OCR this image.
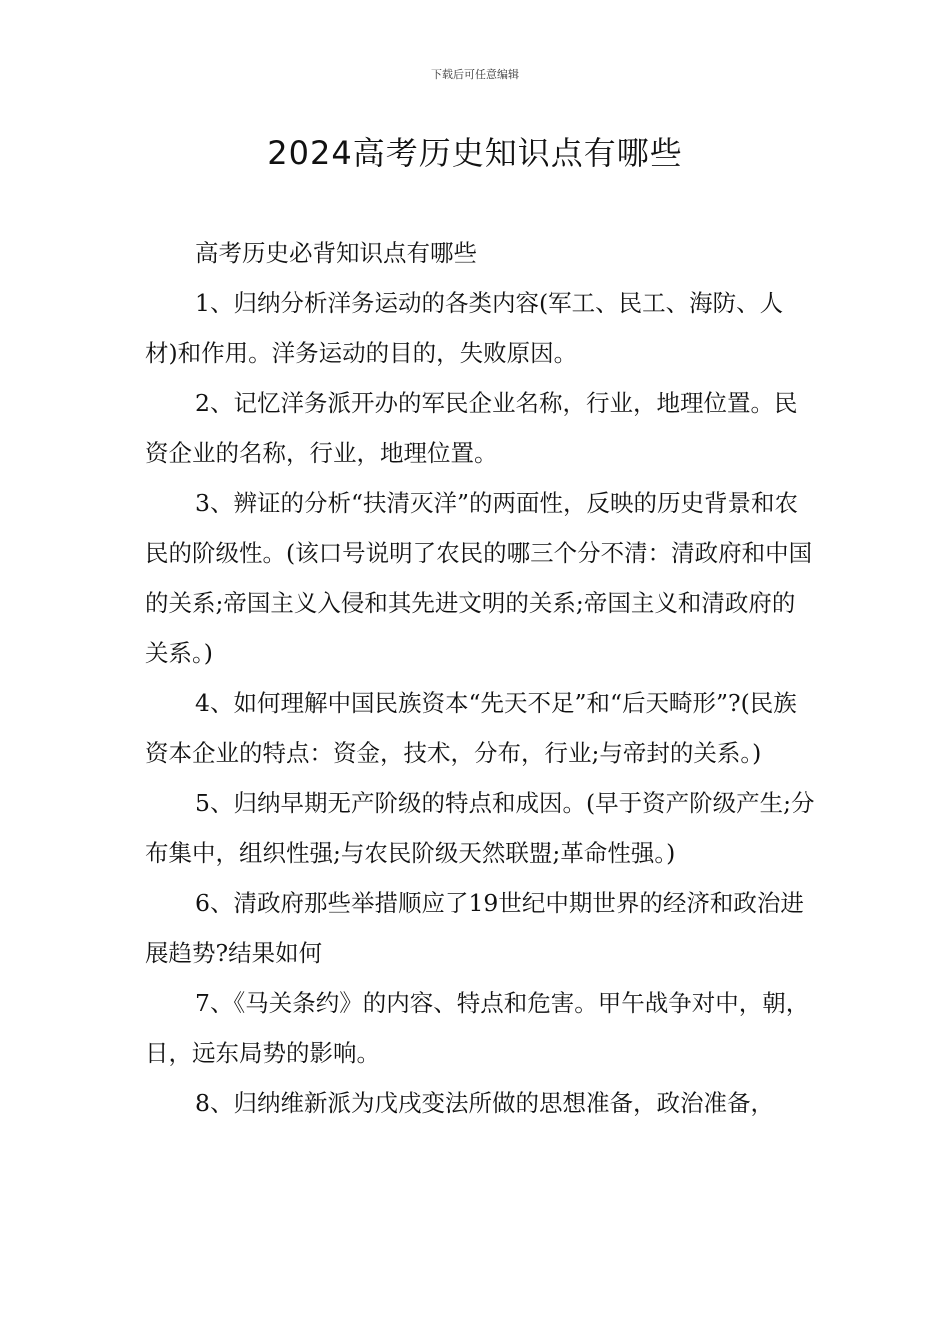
下载后可任意编辑
2024高考历史知识点有哪些

高考历史必背知识点有哪些

1、归纳分析洋务运动的各类内容(军工、民工、海防、人材)和作用。洋务运动的目的，失败原因。

2、记忆洋务派开办的军民企业名称，行业，地理位置。民资企业的名称，行业，地理位置。

3、辨证的分析“扶清灭洋”的两面性，反映的历史背景和农民的阶级性。(该口号说明了农民的哪三个分不清：清政府和中国的关系;帝国主义入侵和其先进文明的关系;帝国主义和清政府的关系。)

4、如何理解中国民族资本“先天不足”和“后天畸形”?(民族资本企业的特点：资金，技术，分布，行业;与帝封的关系。)

5、归纳早期无产阶级的特点和成因。(早于资产阶级产生;分布集中，组织性强;与农民阶级天然联盟;革命性强。)

6、清政府那些举措顺应了19世纪中期世界的经济和政治进展趋势?结果如何

7、《马关条约》的内容、特点和危害。甲午战争对中，朝，日，远东局势的影响。

8、归纳维新派为戊戌变法所做的思想准备，政治准备，
